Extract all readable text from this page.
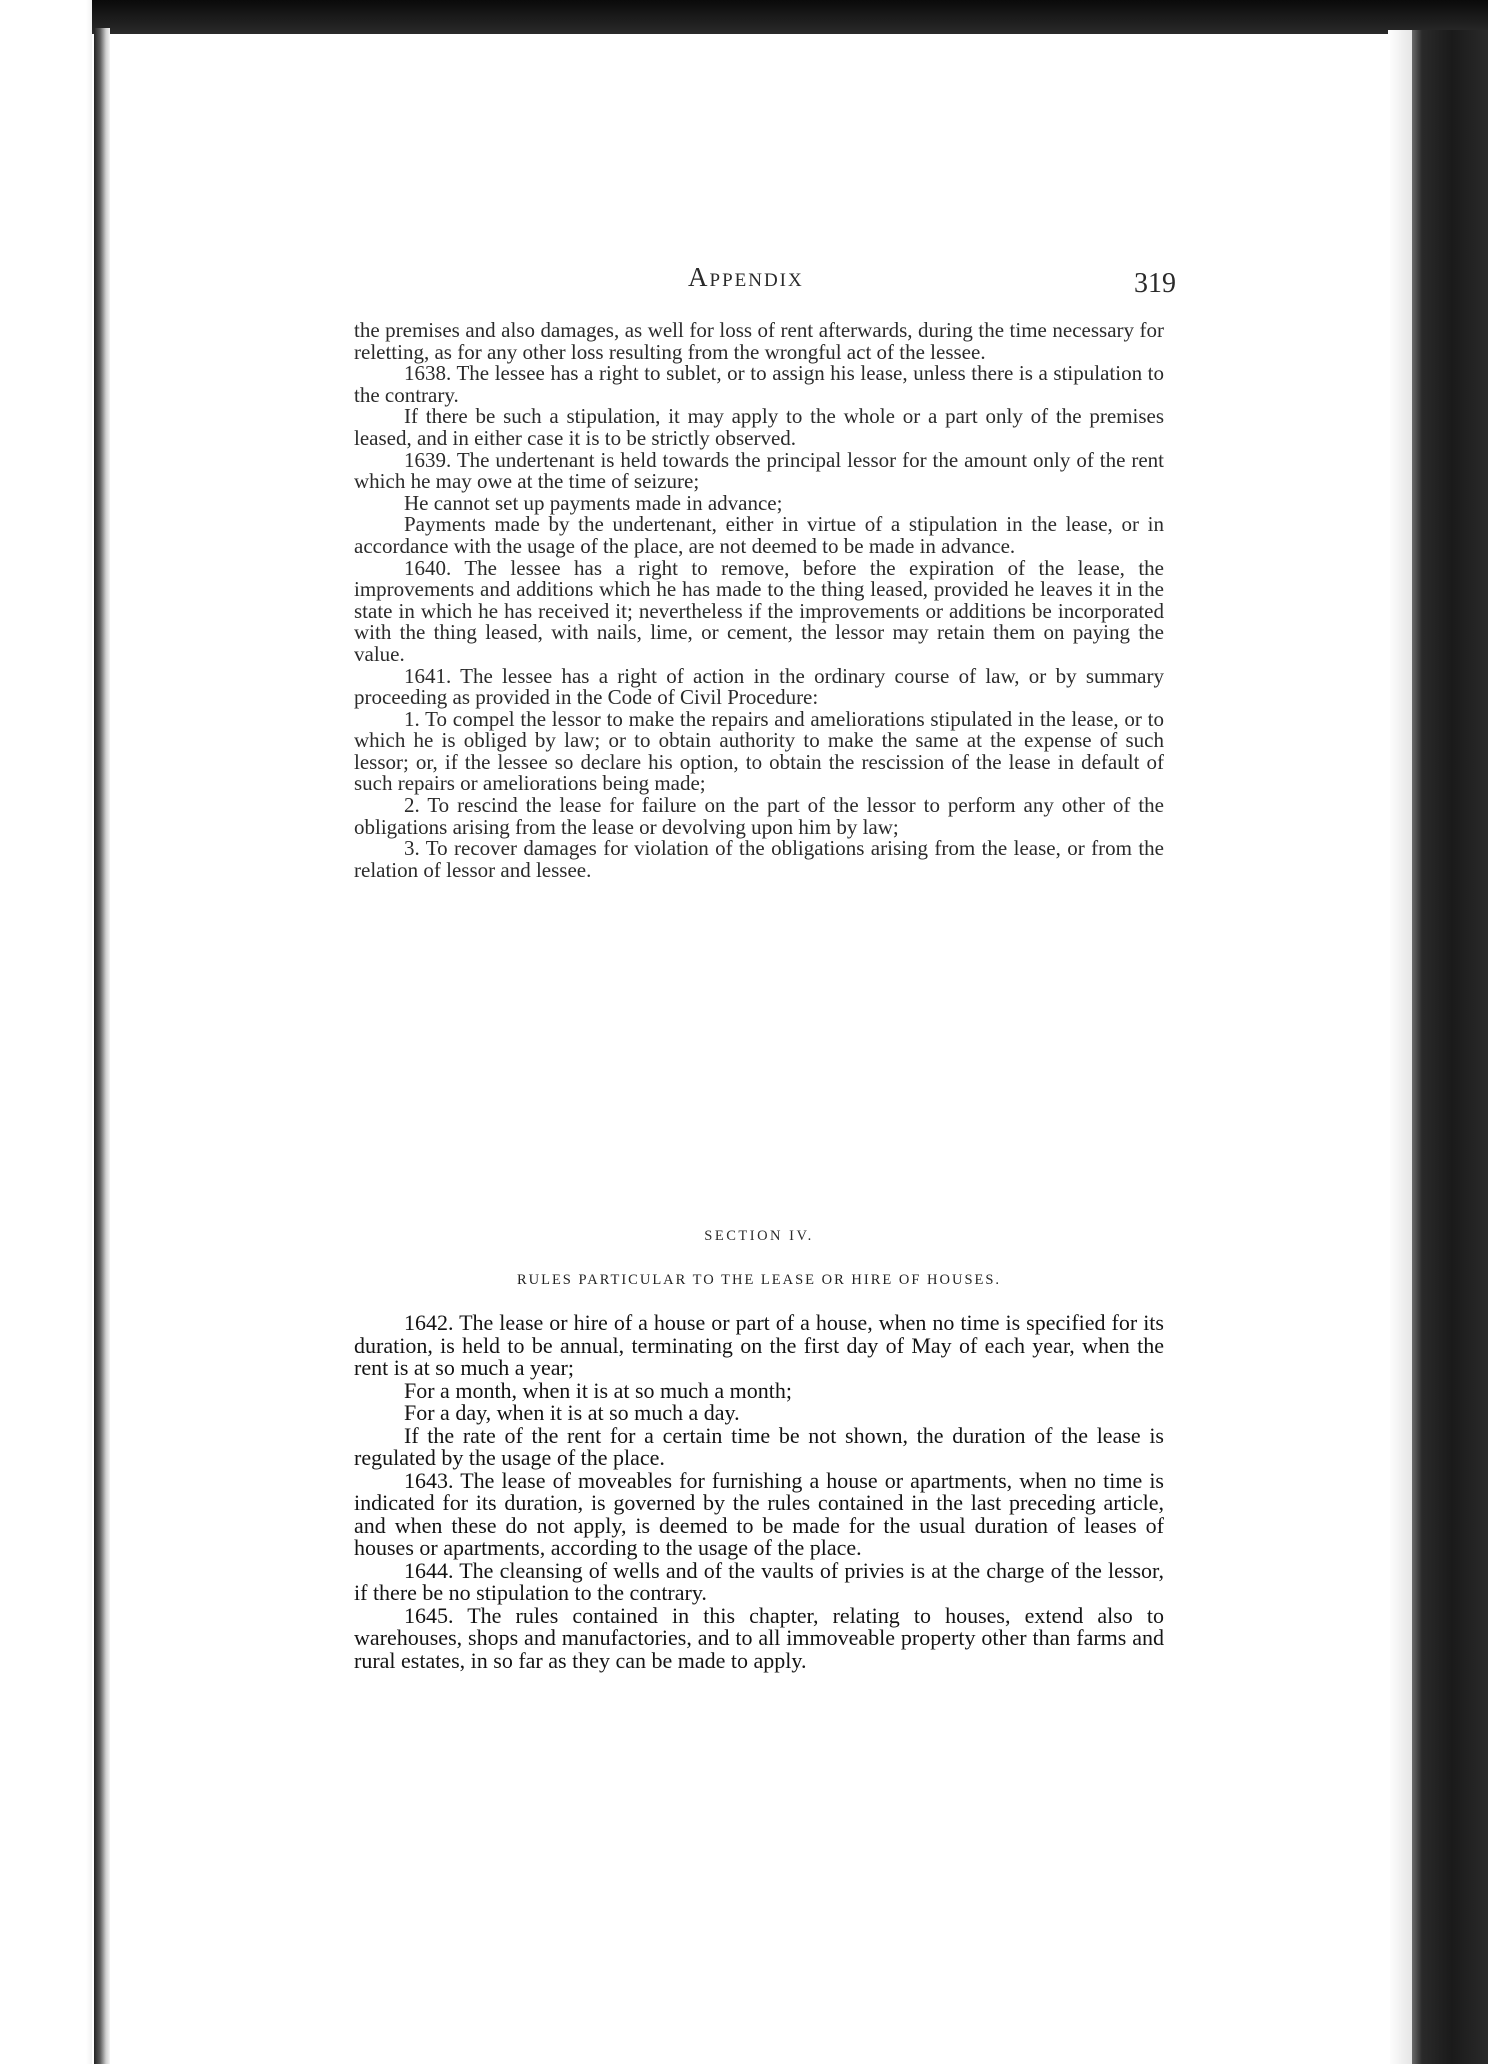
Appendix	319

the premises and also damages, as well for loss of rent afterwards, during the time necessary for reletting, as for any other loss resulting from the wrongful act of the lessee.

1638. The lessee has a right to sublet, or to assign his lease, unless there is a stipulation to the contrary.

If there be such a stipulation, it may apply to the whole or a part only of the premises leased, and in either case it is to be strictly observed.

1639. The undertenant is held towards the principal lessor for the amount only of the rent which he may owe at the time of seizure;

He cannot set up payments made in advance;

Payments made by the undertenant, either in virtue of a stipulation in the lease, or in accordance with the usage of the place, are not deemed to be made in advance.

1640. The lessee has a right to remove, before the expiration of the lease, the improvements and additions which he has made to the thing leased, provided he leaves it in the state in which he has received it; nevertheless if the improvements or additions be incorporated with the thing leased, with nails, lime, or cement, the lessor may retain them on paying the value.

1641. The lessee has a right of action in the ordinary course of law, or by summary proceeding as provided in the Code of Civil Procedure:

1. To compel the lessor to make the repairs and ameliorations stipulated in the lease, or to which he is obliged by law; or to obtain authority to make the same at the expense of such lessor; or, if the lessee so declare his option, to obtain the rescission of the lease in default of such repairs or ameliorations being made;

2. To rescind the lease for failure on the part of the lessor to perform any other of the obligations arising from the lease or devolving upon him by law;

3. To recover damages for violation of the obligations arising from the lease, or from the relation of lessor and lessee.

SECTION IV.
RULES PARTICULAR TO THE LEASE OR HIRE OF HOUSES.

1642. The lease or hire of a house or part of a house, when no time is specified for its duration, is held to be annual, terminating on the first day of May of each year, when the rent is at so much a year;

For a month, when it is at so much a month;

For a day, when it is at so much a day.

If the rate of the rent for a certain time be not shown, the duration of the lease is regulated by the usage of the place.

1643. The lease of moveables for furnishing a house or apartments, when no time is indicated for its duration, is governed by the rules contained in the last preceding article, and when these do not apply, is deemed to be made for the usual duration of leases of houses or apartments, according to the usage of the place.

1644. The cleansing of wells and of the vaults of privies is at the charge of the lessor, if there be no stipulation to the contrary.

1645. The rules contained in this chapter, relating to houses, extend also to warehouses, shops and manufactories, and to all immoveable property other than farms and rural estates, in so far as they can be made to apply.
